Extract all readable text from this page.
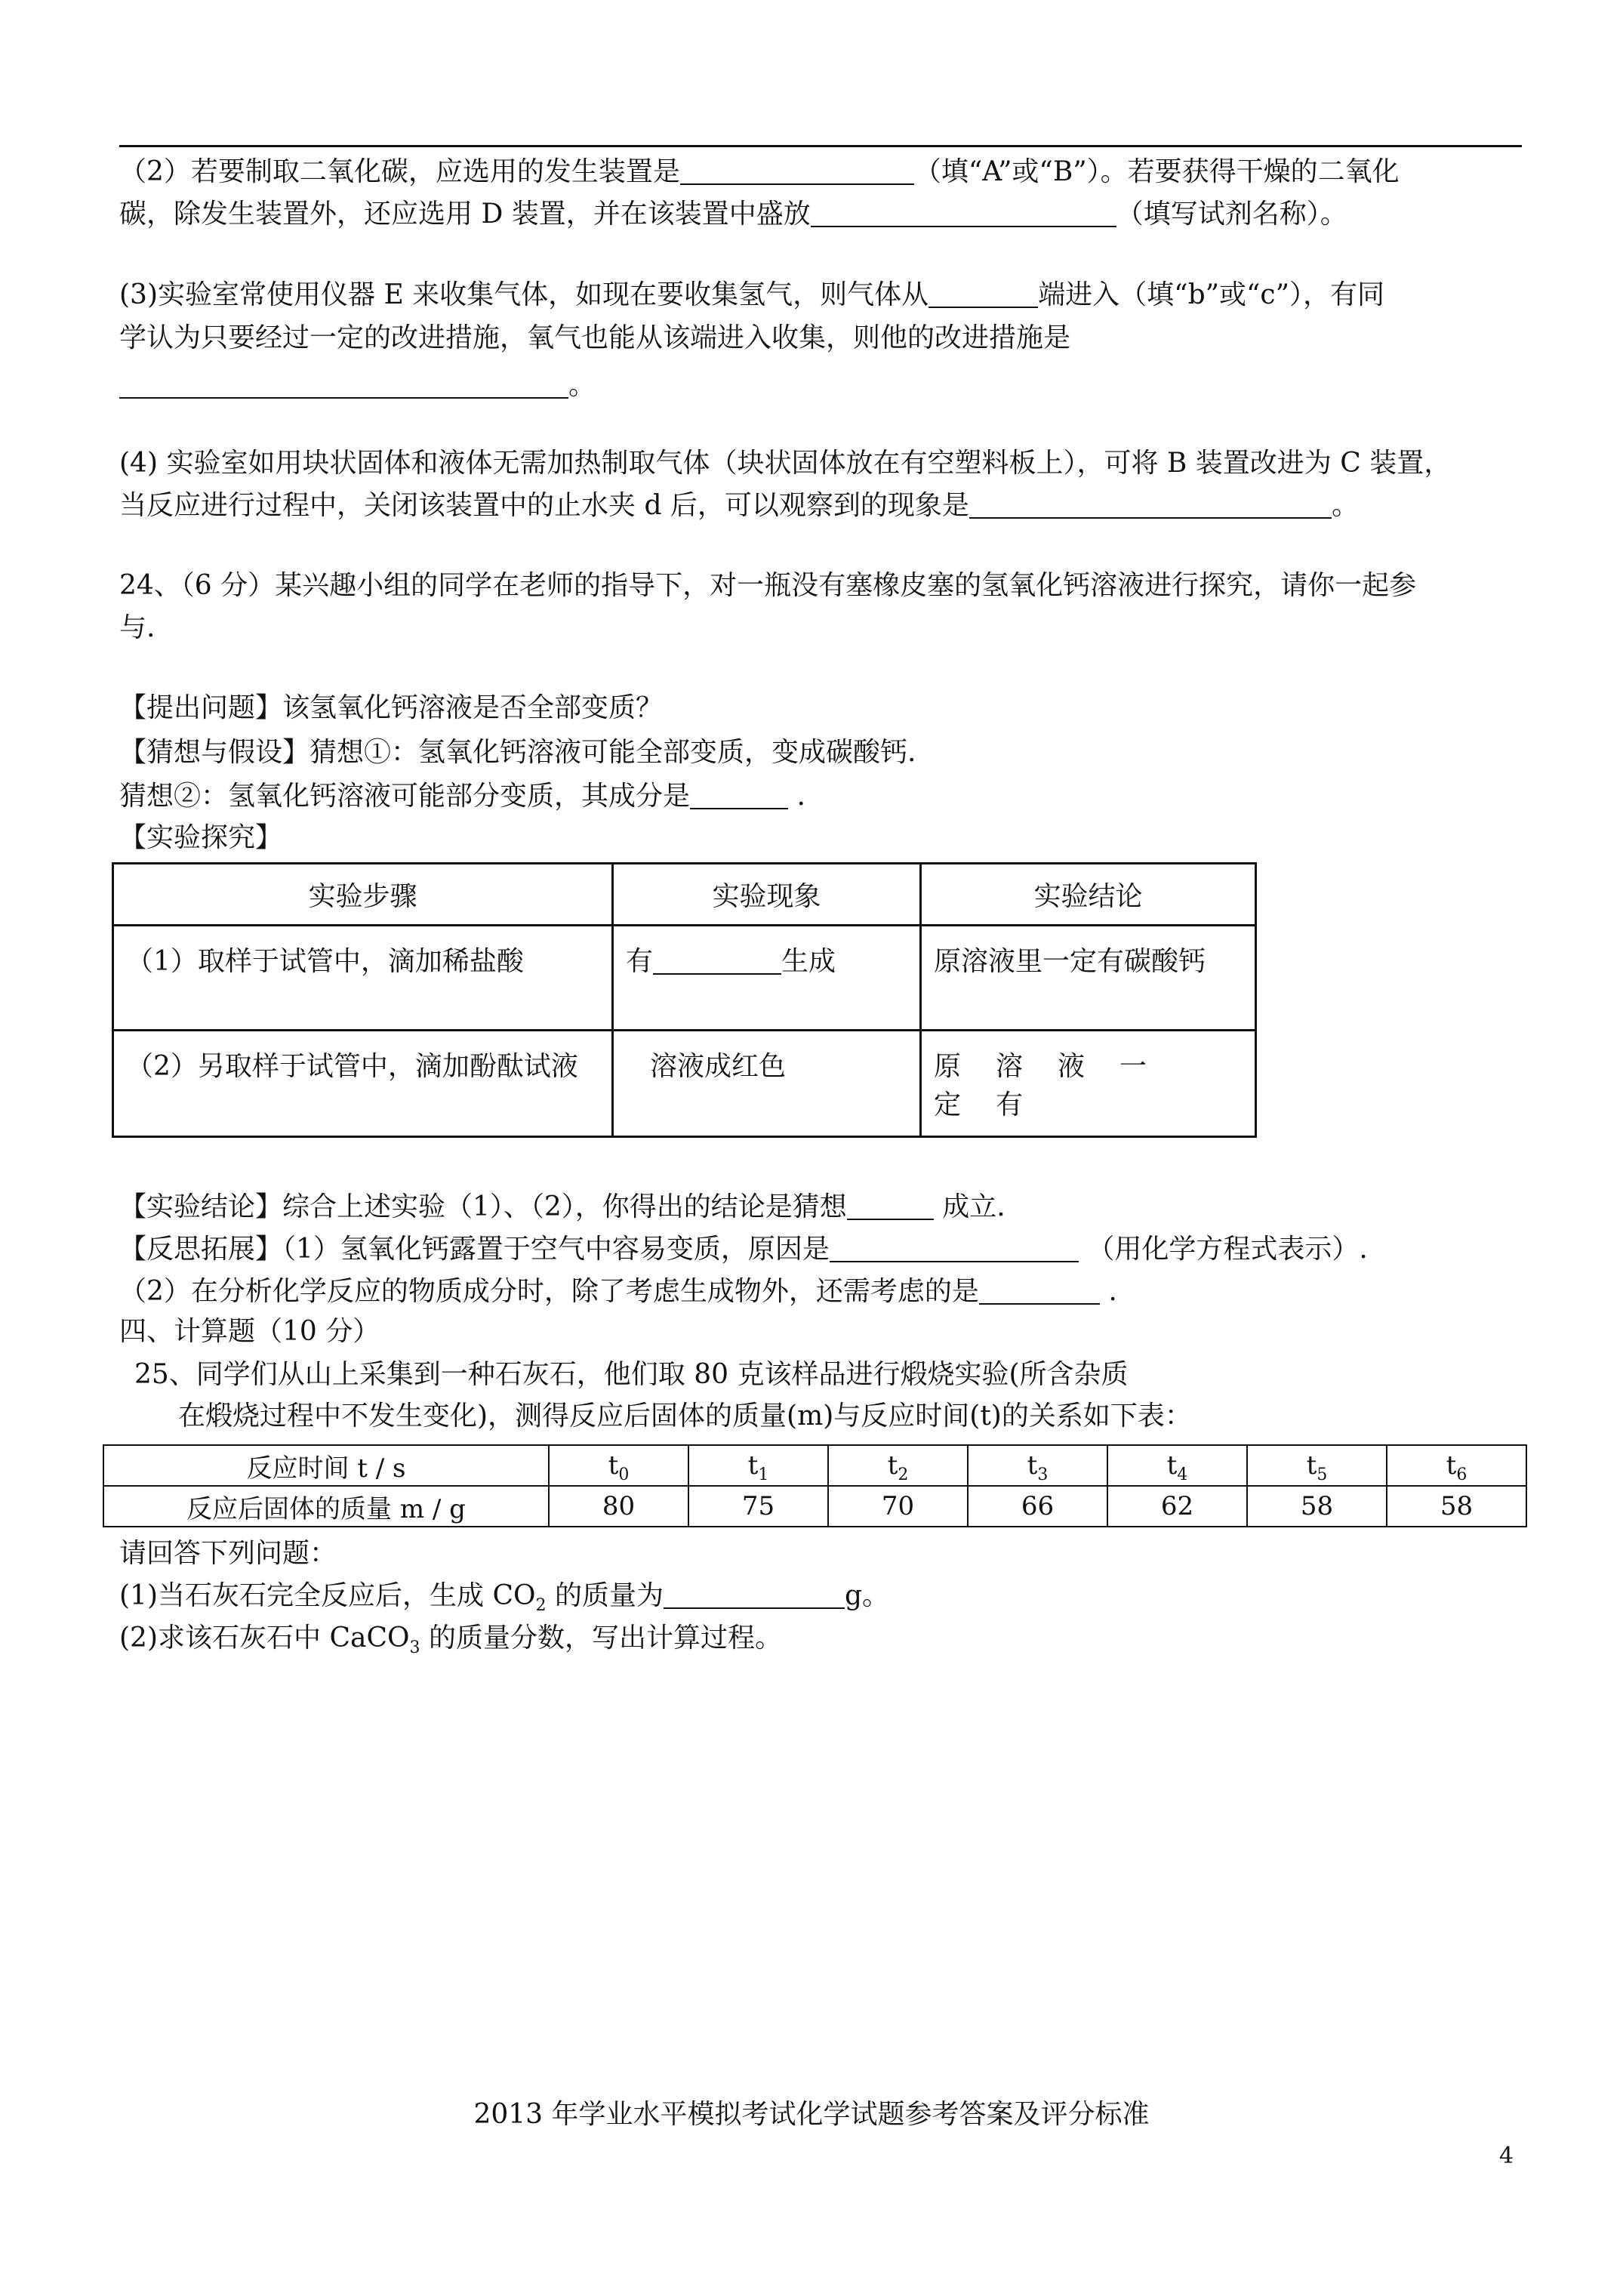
（2）若要制取二氧化碳，应选用的发生装置是	（填“A”或“B”）。若要获得干燥的二氧化
碳，除发生装置外，还应选用 D 装置，并在该装置中盛放	（填写试剂名称）。
(3)实验室常使用仪器 E 来收集气体，如现在要收集氢气，则气体从	端进入（填“b”或“c”），有同
学认为只要经过一定的改进措施，氧气也能从该端进入收集，则他的改进措施是
。
(4) 实验室如用块状固体和液体无需加热制取气体（块状固体放在有空塑料板上），可将 B 装置改进为 C 装置，
当反应进行过程中，关闭该装置中的止水夹 d 后，可以观察到的现象是	。
24、（6 分）某兴趣小组的同学在老师的指导下，对一瓶没有塞橡皮塞的氢氧化钙溶液进行探究，请你一起参
与.
【提出问题】该氢氧化钙溶液是否全部变质？
【猜想与假设】猜想①：氢氧化钙溶液可能全部变质，变成碳酸钙.
猜想②：氢氧化钙溶液可能部分变质，其成分是	.
【实验探究】
实验步骤	实验现象	实验结论
（1）取样于试管中，滴加稀盐酸	有 生成	原溶液里一定有碳酸钙
（2）另取样于试管中，滴加酚酞试液	溶液成红色	原溶液一定有
【实验结论】综合上述实验（1）、（2），你得出的结论是猜想	成立.
【反思拓展】（1）氢氧化钙露置于空气中容易变质，原因是	（用化学方程式表示）.
（2）在分析化学反应的物质成分时，除了考虑生成物外，还需考虑的是	.
四、计算题（10 分）
25、同学们从山上采集到一种石灰石，他们取 80 克该样品进行煅烧实验(所含杂质
在煅烧过程中不发生变化)，测得反应后固体的质量(m)与反应时间(t)的关系如下表：
反应时间 t / s	$t_0$	$t_1$	$t_2$	$t_3$	$t_4$	$t_5$	$t_6$
反应后固体的质量 m / g	80	75	70	66	62	58	58
请回答下列问题：
(1)当石灰石完全反应后，生成 $CO_2$ 的质量为	g。
(2)求该石灰石中 CaCO$_3$ 的质量分数，写出计算过程。
2013 年学业水平模拟考试化学试题参考答案及评分标准
4
